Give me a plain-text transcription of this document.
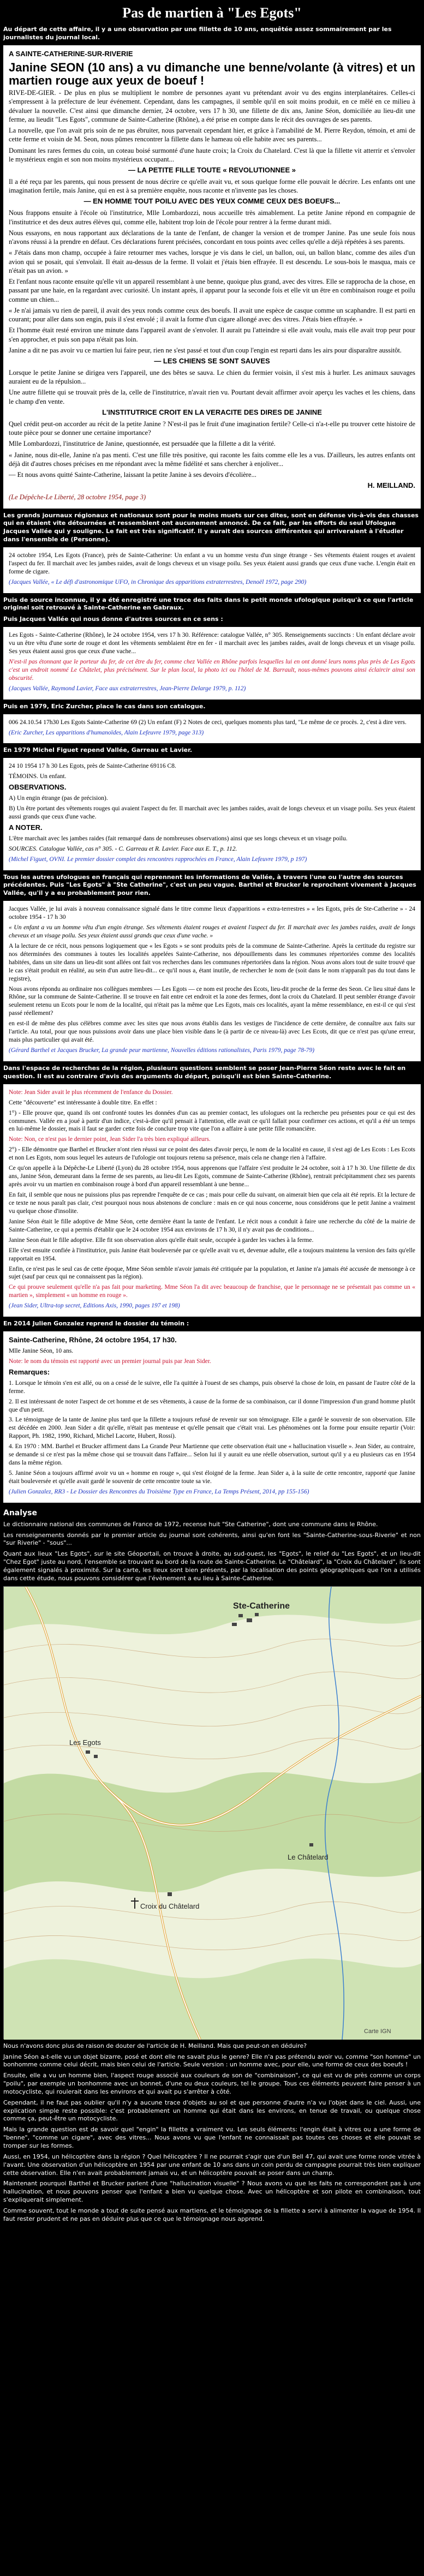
Pas de martien à "Les Egots"

Au départ de cette affaire, il y a une observation par une fillette de 10 ans, enquêtée assez sommairement par les journalistes du journal local.

A SAINTE-CATHERINE-SUR-RIVERIE

Janine SEON (10 ans) a vu dimanche une benne/volante (à vitres) et un martien rouge aux yeux de boeuf !

RIVE-DE-GIER. - De plus en plus se multiplient le nombre de personnes ayant vu prétendant avoir vu des engins interplanétaires. Celles-ci s'empressent à la préfecture de leur événement. Cependant, dans les campagnes, il semble qu'il en soit moins produit, en ce mêlé en ce milieu à dévaluer la nouvelle. C'est ainsi que dimanche dernier, 24 octobre, vers 17 h 30, une fillette de dix ans, Janine Séon, domiciliée au lieu-dit une ferme, au lieudit "Les Egots", commune de Sainte-Catherine (Rhône), a été prise en compte dans le récit des ouvrages de ses parents.

La nouvelle, que l'on avait pris soin de ne pas ébruiter, nous parvenait cependant hier, et grâce à l'amabilité de M. Pierre Reydon, témoin, et ami de cette ferme et voisin de M. Seon, nous pûmes rencontrer la fillette dans le hameau où elle habite avec ses parents...

Dominant les rares fermes du coin, un coteau boisé surmonté d'une haute croix; la Croix du Chatelard. C'est là que la fillette vit atterrir et s'envoler le mystérieux engin et son non moins mystérieux occupant...

— LA PETITE FILLE TOUTE « REVOLUTIONNEE »

Il a été reçu par les parents, qui nous pressent de nous décrire ce qu'elle avait vu, et sous quelque forme elle pouvait le décrire. Les enfants ont une imagination fertile, mais Janine, qui en est à sa première enquête, nous raconte et n'invente pas les choses.

— EN HOMME TOUT POILU AVEC DES YEUX COMME CEUX DES BOEUFS...

Nous frappons ensuite à l'école où l'institutrice, Mlle Lombardozzi, nous accueille très aimablement. La petite Janine répond en compagnie de l'institutrice et des deux autres élèves qui, comme elle, habitent trop loin de l'école pour rentrer à la ferme durant midi.

Nous essayons, en nous rapportant aux déclarations de la tante de l'enfant, de changer la version et de tromper Janine. Pas une seule fois nous n'avons réussi à la prendre en défaut. Ces déclarations furent précisées, concordant en tous points avec celles qu'elle a déjà répétées à ses parents.

« J'étais dans mon champ, occupée à faire retourner mes vaches, lorsque je vis dans le ciel, un ballon, oui, un ballon blanc, comme des ailes d'un avion qui se posait, qui s'envolait. Il était au-dessus de la ferme. Il volait et j'étais bien effrayée. Il est descendu. Le sous-bois le masqua, mais ce n'était pas un avion. »

Et l'enfant nous raconte ensuite qu'elle vit un appareil ressemblant à une benne, quoique plus grand, avec des vitres. Elle se rapprocha de la chose, en passant par une haie, en la regardant avec curiosité. Un instant après, il apparut pour la seconde fois et elle vit un être en combinaison rouge et poilu comme un chien...

« Je n'ai jamais vu rien de pareil, il avait des yeux ronds comme ceux des boeufs. Il avait une espèce de casque comme un scaphandre. Il est parti en courant; pour aller dans son engin, puis il s'est envolé ; il avait la forme d'un cigare allongé avec des vitres. J'étais bien effrayée. »

Et l'homme était resté environ une minute dans l'appareil avant de s'envoler. Il aurait pu l'atteindre si elle avait voulu, mais elle avait trop peur pour s'en approcher, et puis son papa n'était pas loin.

Janine a dit ne pas avoir vu ce martien lui faire peur, rien ne s'est passé et tout d'un coup l'engin est reparti dans les airs pour disparaître aussitôt.

— LES CHIENS SE SONT SAUVES

Lorsque le petite Janine se dirigea vers l'appareil, une des bêtes se sauva. Le chien du fermier voisin, il s'est mis à hurler. Les animaux sauvages auraient eu de la répulsion...

Une autre fillette qui se trouvait près de la, celle de l'institutrice, n'avait rien vu. Pourtant devait affirmer avoir aperçu les vaches et les chiens, dans le champ d'en vente.

L'INSTITUTRICE CROIT EN LA VERACITE DES DIRES DE JANINE

Quel crédit peut-on accorder au récit de la petite Janine ? N'est-il pas le fruit d'une imagination fertile? Celle-ci n'a-t-elle pu trouver cette histoire de toute pièce pour se donner une certaine importance?

Mlle Lombardozzi, l'institutrice de Janine, questionnée, est persuadée que la fillette a dit la vérité.

« Janine, nous dit-elle, Janine n'a pas menti. C'est une fille très positive, qui raconte les faits comme elle les a vus. D'ailleurs, les autres enfants ont déjà dit d'autres choses précises en me répondant avec la même fidélité et sans chercher à enjoliver...

— Et nous avons quitté Sainte-Catherine, laissant la petite Janine à ses devoirs d'écolière...

H. MEILLAND.

(Le Dépêche-Le Liberté, 28 octobre 1954, page 3)

Les grands journaux régionaux et nationaux sont pour le moins muets sur ces dites, sont en défense vis-à-vis des chasses qui en étaient vite détournées et ressemblent ont aucunement annoncé. De ce fait, par les efforts du seul Ufologue Jacques Vallée qui y souligne. Le fait est très significatif. Il y aurait des sources différentes qui arriveraient à l'étudier dans l'ensemble de (Personne).

24 octobre 1954, Les Egots (France), près de Sainte-Catherine: Un enfant a vu un homme vestu d'un singe étrange - Ses vêtements étaient rouges et avaient l'aspect du fer. Il marchait avec les jambes raides, avait de longs cheveux et un visage poilu. Ses yeux étaient aussi grands que ceux d'une vache. L'engin était en forme de cigare.

(Jacques Vallée, « Le défi d'astronomique UFO, in Chronique des apparitions extraterrestres, Denoël 1972, page 290)

Puis de source inconnue, il y a été enregistré une trace des faits dans le petit monde ufologique puisqu'à ce que l'article originel soit retrouvé à Sainte-Catherine en Gabraux.

Puis Jacques Vallée qui nous donne d'autres sources en ce sens :

Les Egots - Sainte-Catherine (Rhône), le 24 octobre 1954, vers 17 h 30. Référence: catalogue Vallée, n° 305. Renseignements succincts : Un enfant déclare avoir vu un être vêtu d'une sorte de rouge et dont les vêtements semblaient être en fer - il marchait avec les jambes raides, avait de longs cheveux et un visage poilu. Ses yeux étaient aussi gros que ceux d'une vache...

N'est-il pas étonnant que le porteur du fer, de cet être du fer, comme chez Vallée en Rhône parfois lesquelles lui en ont donné leurs noms plus près de Les Egots c'est un endroit nommé Le Châtelet, plus précisément. Sur le plan local, la photo ici ou l'hôtel de M. Barrault, nous-mêmes pouvons ainsi éclaircir ainsi son obscurité.

(Jacques Vallée, Raymond Lavier, Face aux extraterrestres, Jean-Pierre Delarge 1979, p. 112)

Puis en 1979, Eric Zurcher, place le cas dans son catalogue.

006 24.10.54 17h30 Les Egots Sainte-Catherine 69 (2) Un enfant (F) 2 Notes de ceci, quelques moments plus tard, "Le même de ce procès. 2, c'est à dire vers.

(Eric Zurcher, Les apparitions d'humanoïdes, Alain Lefeuvre 1979, page 313)

En 1979 Michel Figuet repend Vallée, Garreau et Lavier.

24 10 1954 17 h 30 Les Egots, près de Sainte-Catherine 69116 C8.

TÉMOINS. Un enfant.

OBSERVATIONS.

A) Un engin étrange (pas de précision).

B) Un être portant des vêtements rouges qui avaient l'aspect du fer. Il marchait avec les jambes raides, avait de longs cheveux et un visage poilu. Ses yeux étaient aussi grands que ceux d'une vache.

A NOTER.

L'être marchait avec les jambes raides (fait remarqué dans de nombreuses observations) ainsi que ses longs cheveux et un visage poilu.

SOURCES. Catalogue Vallée, cas n° 305. - C. Garreau et R. Lavier. Face aux E. T., p. 112.

(Michel Figuet, OVNI. Le premier dossier complet des rencontres rapprochées en France, Alain Lefeuvre 1979, p 197)

Tous les autres ufologues en français qui reprennent les informations de Vallée, à travers l'une ou l'autre des sources précédentes. Puis "Les Egots" à "Ste Catherine", c'est un peu vague. Barthel et Brucker le reprochent vivement à Jacques Vallée, qu'il y a eu probablement pour rien.

Jacques Vallée, je lui avais à nouveau connaissance signalé dans le titre comme lieux d'apparitions « extra-terrestres » « les Egots, près de Ste-Catherine » - 24 octobre 1954 - 17 h 30

« Un enfant a vu un homme vêtu d'un engin étrange. Ses vêtements étaient rouges et avaient l'aspect du fer. Il marchait avec les jambes raides, avait de longs cheveux et un visage poilu. Ses yeux étaient aussi grands que ceux d'une vache. »

A la lecture de ce récit, nous pensons logiquement que « les Egots » se sont produits près de la commune de Sainte-Catherine. Après la certitude du registre sur nos déterminées des communes à toutes les localités appelées Sainte-Catherine, nos dépouillements dans les communes répertoriées comme des localités habitées, dans un site dans un lieu-dit sont allées ont fait vos recherches dans les communes répertoriées dans la région. Nous avons alors tout de suite trouvé que le cas s'était produit en réalité, au sein d'un autre lieu-dit... ce qu'il nous a, étant inutile, de rechercher le nom de (soit dans le nom n'apparaît pas du tout dans le registre),

Nous avons répondu au ordinaire nos collègues membres — Les Egots — ce nom est proche des Ecots, lieu-dit proche de la ferme des Seon. Ce lieu situé dans le Rhône, sur la commune de Sainte-Catherine. Il se trouve en fait entre cet endroit et la zone des fermes, dont la croix du Chatelard. Il peut sembler étrange d'avoir seulement retenu un Ecots pour le nom de la localité, qui n'était pas la même que Les Egots, mais ces localités, ayant la même ressemblance, en est-il ce qui s'est passé réellement?

en est-il de même des plus célèbres comme avec les sites que nous avons établis dans les vestiges de l'incidence de cette dernière, de connaître aux faits sur l'article. Au total, pour que nous puissions avoir dans une place bien visible dans le (à partir de ce niveau-là) avec Les Ecots, dit que ce n'est pas qu'une erreur, mais plus particulier qui avait été.

(Gérard Barthel et Jacques Brucker, La grande peur martienne, Nouvelles éditions rationalistes, Paris 1979, page 78-79)

Dans l'espace de recherches de la région, plusieurs questions semblent se poser Jean-Pierre Séon reste avec le fait en question. Il est au contraire d'avis des arguments du départ, puisqu'il est bien Sainte-Catherine.

Note: Jean Sider avait le plus récemment de l'enfance du Dossier.

Cette "découverte" est intéressante à double titre. En effet :

1°) - Elle prouve que, quand ils ont confronté toutes les données d'un cas au premier contact, les ufologues ont la recherche peu présentes pour ce qui est des communes. Vallée en a joué à partir d'un indice, c'est-à-dire qu'il pensait à l'attention, elle avait ce qu'il fallait pour confirmer ces actions, et qu'il a été un temps en lui-même le dossier, mais il faut se garder cette fois de conclure trop vite que l'on a affaire à une petite fille romancière.

Note: Non, ce n'est pas le dernier point, Jean Sider l'a très bien expliqué ailleurs.

2°) - Elle démontre que Barthel et Brucker n'ont rien réussi sur ce point des dates d'avoir perçu, le nom de la localité en cause, il s'est agi de Les Ecots : Les Ecots et non Les Egots, nom sous lequel les auteurs de l'ufologie ont toujours retenu sa présence, mais cela ne change rien à l'affaire.

Ce qu'on appelle à la Dépêche-Le Liberté (Lyon) du 28 octobre 1954, nous apprenons que l'affaire s'est produite le 24 octobre, soit à 17 h 30. Une fillette de dix ans, Janine Séon, demeurant dans la ferme de ses parents, au lieu-dit Les Egots, commune de Sainte-Catherine (Rhône), rentrait précipitamment chez ses parents après avoir vu un martien en combinaison rouge à bord d'un appareil ressemblant à une benne...

En fait, il semble que nous ne puissions plus pas reprendre l'enquête de ce cas ; mais pour celle du suivant, on aimerait bien que cela ait été repris. Et la lecture de ce texte ne nous paraît pas clair, c'est pourquoi nous nous abstenons de conclure : mais en ce qui nous concerne, nous considérons que le petit Janine a vraiment vu quelque chose d'insolite.

Janine Séon était le fille adoptive de Mme Séon, cette dernière étant la tante de l'enfant. Le récit nous a conduit à faire une recherche du côté de la mairie de Sainte-Catherine, ce qui a permis d'établir que le 24 octobre 1954 aux environs de 17 h 30, il n'y avait pas de conditions...

Janine Seon était le fille adoptive. Elle fit son observation alors qu'elle était seule, occupée à garder les vaches à la ferme.

Elle s'est ensuite confiée à l'institutrice, puis Janine était bouleversée par ce qu'elle avait vu et, devenue adulte, elle a toujours maintenu la version des faits qu'elle rapportait en 1954.

Enfin, ce n'est pas le seul cas de cette époque, Mme Séon semble n'avoir jamais été critiquée par la population, et Janine n'a jamais été accusée de mensonge à ce sujet (sauf par ceux qui ne connaissent pas la région).

Ce qui prouve seulement qu'elle n'a pas fait pour marketing. Mme Séon l'a dit avec beaucoup de franchise, que le personnage ne se présentait pas comme un « martien », simplement « un homme en rouge ».

(Jean Sider, Ultra-top secret, Editions Axis, 1990, pages 197 et 198)

En 2014 Julien Gonzalez reprend le dossier du témoin :

Sainte-Catherine, Rhône, 24 octobre 1954, 17 h30.

Mlle Janine Séon, 10 ans.

Note: le nom du témoin est rapporté avec un premier journal puis par Jean Sider.

Remarques:

1. Lorsque le témoin s'en est allé, ou on a cessé de le suivre, elle l'a quittée à l'ouest de ses champs, puis observé la chose de loin, en passant de l'autre côté de la ferme.

2. Il est intéressant de noter l'aspect de cet homme et de ses vêtements, à cause de la forme de sa combinaison, car il donne l'impression d'un grand homme plutôt que d'un petit.

3. Le témoignage de la tante de Janine plus tard que la fillette a toujours refusé de revenir sur son témoignage. Elle a gardé le souvenir de son observation. Elle est décédée en 2000. Jean Sider a dit qu'elle, n'était pas menteuse et qu'elle pensait que c'était vrai. Les phénomènes ont la forme pour ensuite repartir (Voir: Rapport, Ph. 1982, 1990, Richard, Michel Lacorte, Hubert, Rossi).

4. En 1970 : MM. Barthel et Brucker affirment dans La Grande Peur Martienne que cette observation était une « hallucination visuelle ». Jean Sider, au contraire, se demande si ce n'est pas la même chose qui se trouvait dans l'affaire... Selon lui il y aurait eu une réelle observation, surtout qu'il y a eu plusieurs cas en 1954 dans la même région.

5. Janine Séon a toujours affirmé avoir vu un « homme en rouge », qui s'est éloigné de la ferme. Jean Sider a, à la suite de cette rencontre, rapporté que Janine était bouleversée et qu'elle avait gardé le souvenir de cette rencontre toute sa vie.

(Julien Gonzalez, RR3 - Le Dossier des Rencontres du Troisième Type en France, La Temps Présent, 2014, pp 155-156)

Analyse

Le dictionnaire national des communes de France de 1972, recense huit "Ste Catherine", dont une commune dans le Rhône.

Les renseignements donnés par le premier article du journal sont cohérents, ainsi qu'en font les "Sainte-Catherine-sous-Riverie" et non "sur Riverie" - "sous"...

Quant aux lieux "Les Egots", sur le site Géoportail, on trouve à droite, au sud-ouest, les "Egots", le relief du "Les Egots", et un lieu-dit "Chez Egot" juste au nord, l'ensemble se trouvant au bord de la route de Sainte-Catherine. Le "Châtelard", la "Croix du Châtelard", ils sont également signalés à proximité. Sur la carte, les lieux sont bien présents, par la localisation des points géographiques que l'on a utilisés dans cette étude, nous pouvons considérer que l'évènement a eu lieu à Sainte-Catherine.

Ste-Catherine
Les Egots
Croix du Châtelard
Le Châtelard
Carte IGN

Nous n'avons donc plus de raison de douter de l'article de H. Meilland. Mais que peut-on en déduire?

Janine Séon a-t-elle vu un objet bizarre, posé et dont elle ne savait plus le genre? Elle n'a pas prétendu avoir vu, comme "son homme" un bonhomme comme celui décrit, mais bien celui de l'article. Seule version : un homme avec, pour elle, une forme de ceux des boeufs !

Ensuite, elle a vu un homme bien, l'aspect rouge associé aux couleurs de son de "combinaison", ce qui est vu de près comme un corps "poilu", par exemple un bonhomme avec un bonnet, d'une ou deux couleurs, tel le groupe. Tous ces éléments peuvent faire penser à un motocycliste, qui roulerait dans les environs et qui avait pu s'arrêter à côté.

Cependant, il ne faut pas oublier qu'il n'y a aucune trace d'objets au sol et que personne d'autre n'a vu l'objet dans le ciel. Aussi, une explication simple reste possible: c'est probablement un homme qui était dans les environs, en tenue de travail, ou quelque chose comme ça, peut-être un motocycliste.

Mais la grande question est de savoir quel "engin" la fillette a vraiment vu. Les seuls éléments: l'engin était à vitres ou a une forme de "benne", "comme un cigare", avec des vitres... Nous avons vu que l'enfant ne connaissait pas toutes ces choses et elle pouvait se tromper sur les formes.

Aussi, en 1954, un hélicoptère dans la région ? Quel hélicoptère ? Il ne pourrait s'agir que d'un Bell 47, qui avait une forme ronde vitrée à l'avant. Une observation d'un hélicoptère en 1954 par une enfant de 10 ans dans un coin perdu de campagne pourrait très bien expliquer cette observation. Elle n'en avait probablement jamais vu, et un hélicoptère pouvait se poser dans un champ.

Maintenant pourquoi Barthel et Brucker parlent d'une "hallucination visuelle" ? Nous avons vu que les faits ne correspondent pas à une hallucination, et nous pouvons penser que l'enfant a bien vu quelque chose. Avec un hélicoptère et son pilote en combinaison, tout s'expliquerait simplement.

Comme souvent, tout le monde a tout de suite pensé aux martiens, et le témoignage de la fillette a servi à alimenter la vague de 1954. Il faut rester prudent et ne pas en déduire plus que ce que le témoignage nous apprend.
